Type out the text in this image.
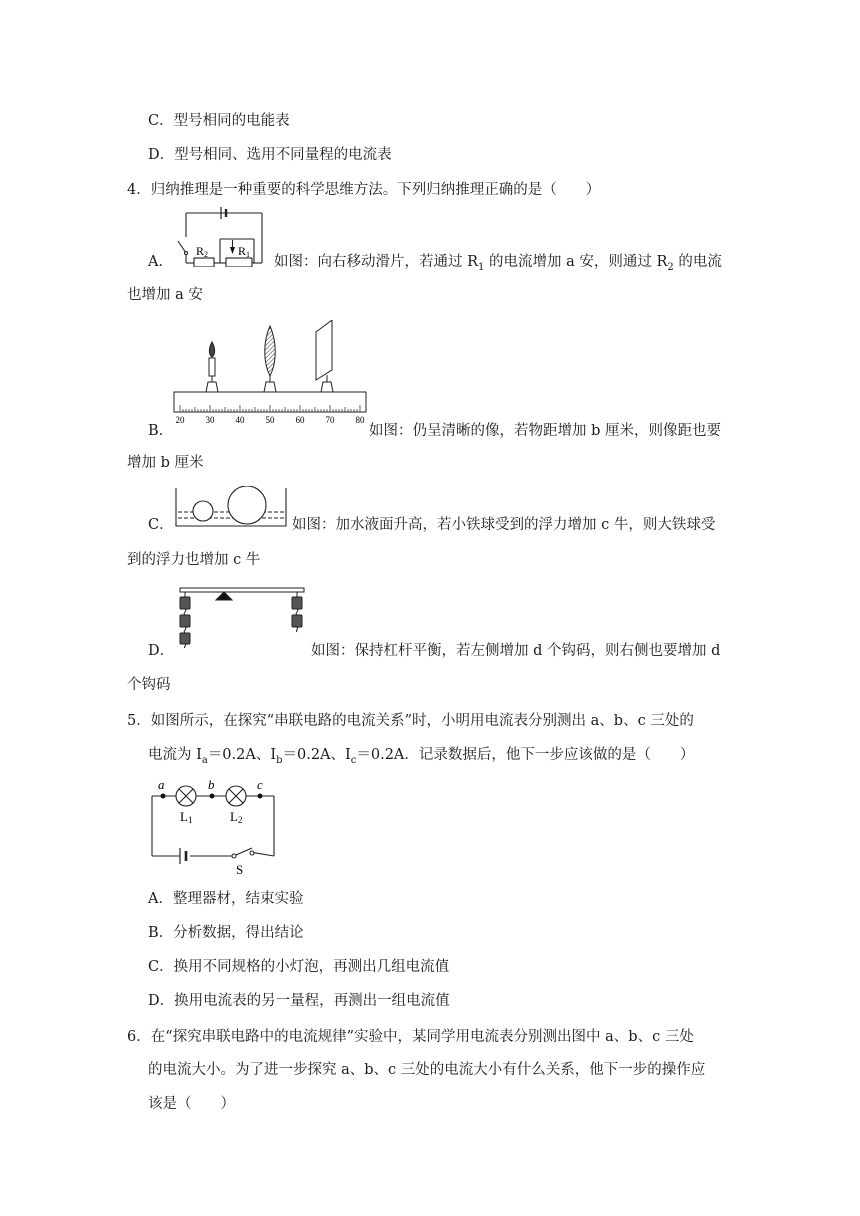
C．型号相同的电能表
D．型号相同、选用不同量程的电流表
4．归纳推理是一种重要的科学思维方法。下列归纳推理正确的是（　　）
R2 R1
A．	如图：向右移动滑片，若通过 $R_1$ 的电流增加 a 安，则通过 $R_2$ 的电流
也增加 a 安
20 30 40 50 60 70 80
B．	如图：仍呈清晰的像，若物距增加 b 厘米，则像距也要
增加 b 厘米
C．	如图：加水液面升高，若小铁球受到的浮力增加 c 牛，则大铁球受
到的浮力也增加 c 牛
D．	如图：保持杠杆平衡，若左侧增加 d 个钩码，则右侧也要增加 d
个钩码
5．如图所示，在探究“串联电路的电流关系”时，小明用电流表分别测出 a、b、c 三处的
电流为 $I_a=0.2A$、$I_b=0.2A$、$I_c=0.2A$．记录数据后，他下一步应该做的是（　　）
a	b	c
L1	L2
S
A．整理器材，结束实验
B．分析数据，得出结论
C．换用不同规格的小灯泡，再测出几组电流值
D．换用电流表的另一量程，再测出一组电流值
6．在“探究串联电路中的电流规律”实验中，某同学用电流表分别测出图中 a、b、c 三处
的电流大小。为了进一步探究 a、b、c 三处的电流大小有什么关系，他下一步的操作应
该是（　　）
